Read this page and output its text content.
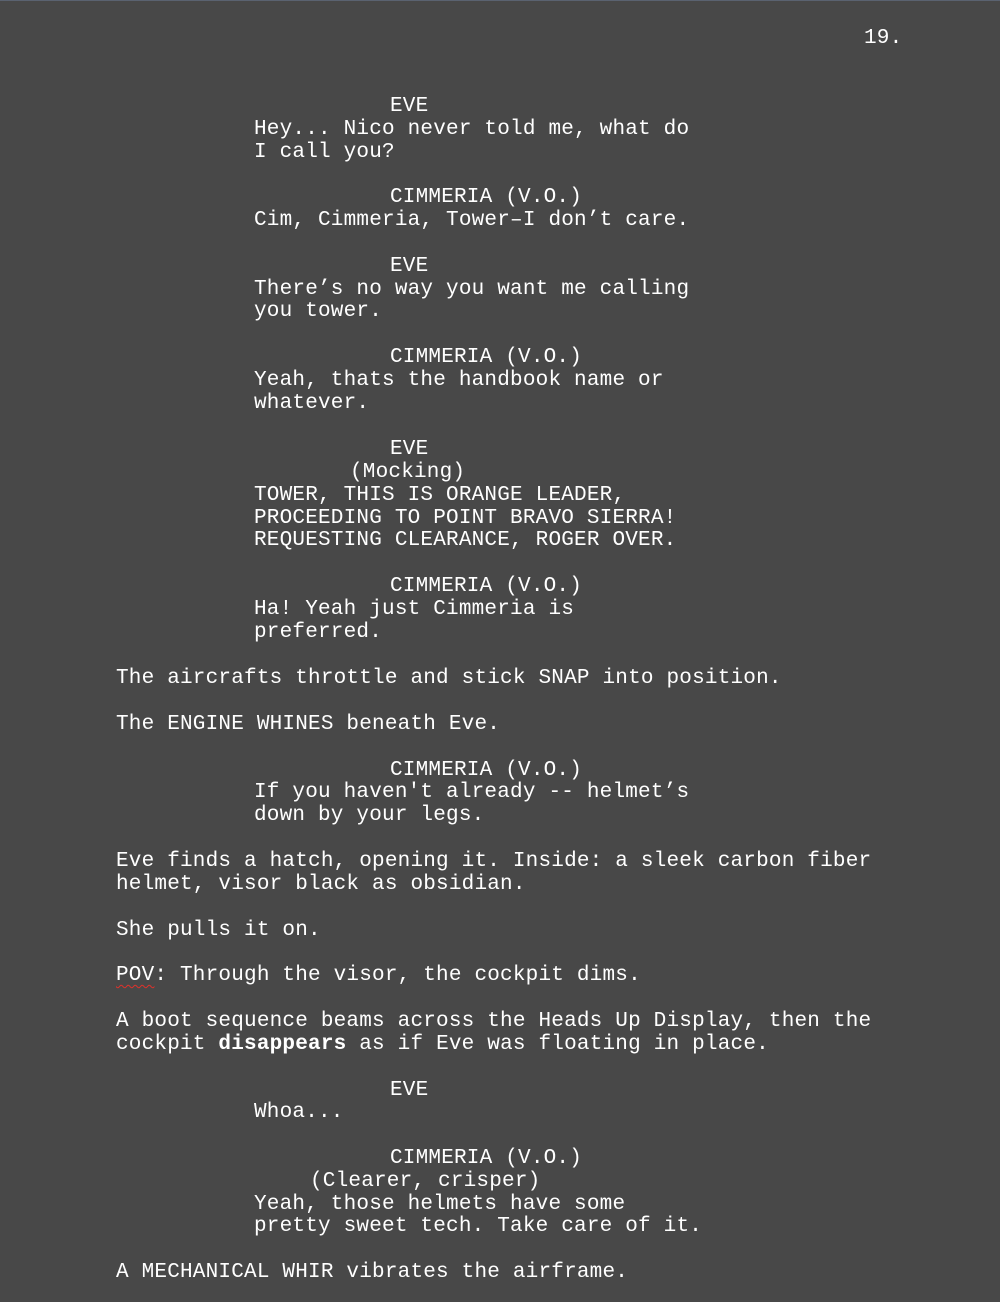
19.
EVE
Hey... Nico never told me, what do
I call you?
CIMMERIA (V.O.)
Cim, Cimmeria, Tower–I don’t care.
EVE
There’s no way you want me calling
you tower.
CIMMERIA (V.O.)
Yeah, thats the handbook name or
whatever.
EVE
(Mocking)
TOWER, THIS IS ORANGE LEADER,
PROCEEDING TO POINT BRAVO SIERRA!
REQUESTING CLEARANCE, ROGER OVER.
CIMMERIA (V.O.)
Ha! Yeah just Cimmeria is
preferred.
The aircrafts throttle and stick SNAP into position.
The ENGINE WHINES beneath Eve.
CIMMERIA (V.O.)
If you haven't already -- helmet’s
down by your legs.
Eve finds a hatch, opening it. Inside: a sleek carbon fiber
helmet, visor black as obsidian.
She pulls it on.
POV: Through the visor, the cockpit dims.
A boot sequence beams across the Heads Up Display, then the
cockpit disappears as if Eve was floating in place.
EVE
Whoa...
CIMMERIA (V.O.)
(Clearer, crisper)
Yeah, those helmets have some
pretty sweet tech. Take care of it.
A MECHANICAL WHIR vibrates the airframe.
